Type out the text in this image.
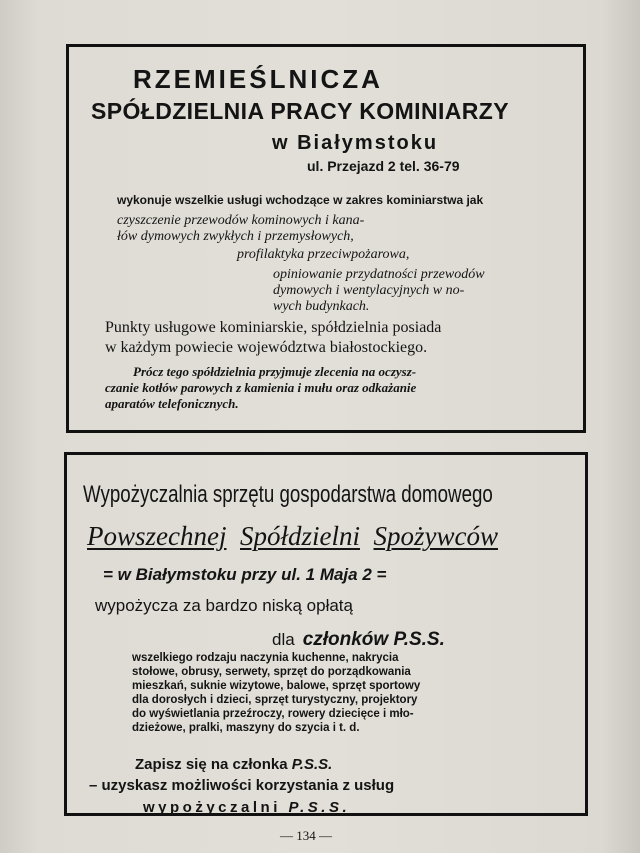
RZEMIEŚLNICZA
SPÓŁDZIELNIA PRACY KOMINIARZY
w Białymstoku
ul. Przejazd 2 tel. 36-79
wykonuje wszelkie usługi wchodzące w zakres kominiarstwa jak
czyszczenie przewodów kominowych i kana-
łów dymowych zwykłych i przemysłowych,
profilaktyka przeciwpożarowa,
opiniowanie przydatności przewodów
dymowych i wentylacyjnych w no-
wych budynkach.
Punkty usługowe kominiarskie, spółdzielnia posiada
w każdym powiecie województwa białostockiego.
Prócz tego spółdzielnia przyjmuje zlecenia na oczysz-
czanie kotłów parowych z kamienia i mułu oraz odkażanie
aparatów telefonicznych.
Wypożyczalnia sprzętu gospodarstwa domowego
Powszechnej Spółdzielni Spożywców
= w Białymstoku przy ul. 1 Maja 2 =
wypożycza za bardzo niską opłatą
dla członków P.S.S.
wszelkiego rodzaju naczynia kuchenne, nakrycia
stołowe, obrusy, serwety, sprzęt do porządkowania
mieszkań, suknie wizytowe, balowe, sprzęt sportowy
dla dorosłych i dzieci, sprzęt turystyczny, projektory
do wyświetlania przeźroczy, rowery dziecięce i mło-
dzieżowe, pralki, maszyny do szycia i t. d.
Zapisz się na członka P.S.S.
– uzyskasz możliwości korzystania z usług
wypożyczalni P.S.S.
— 134 —
